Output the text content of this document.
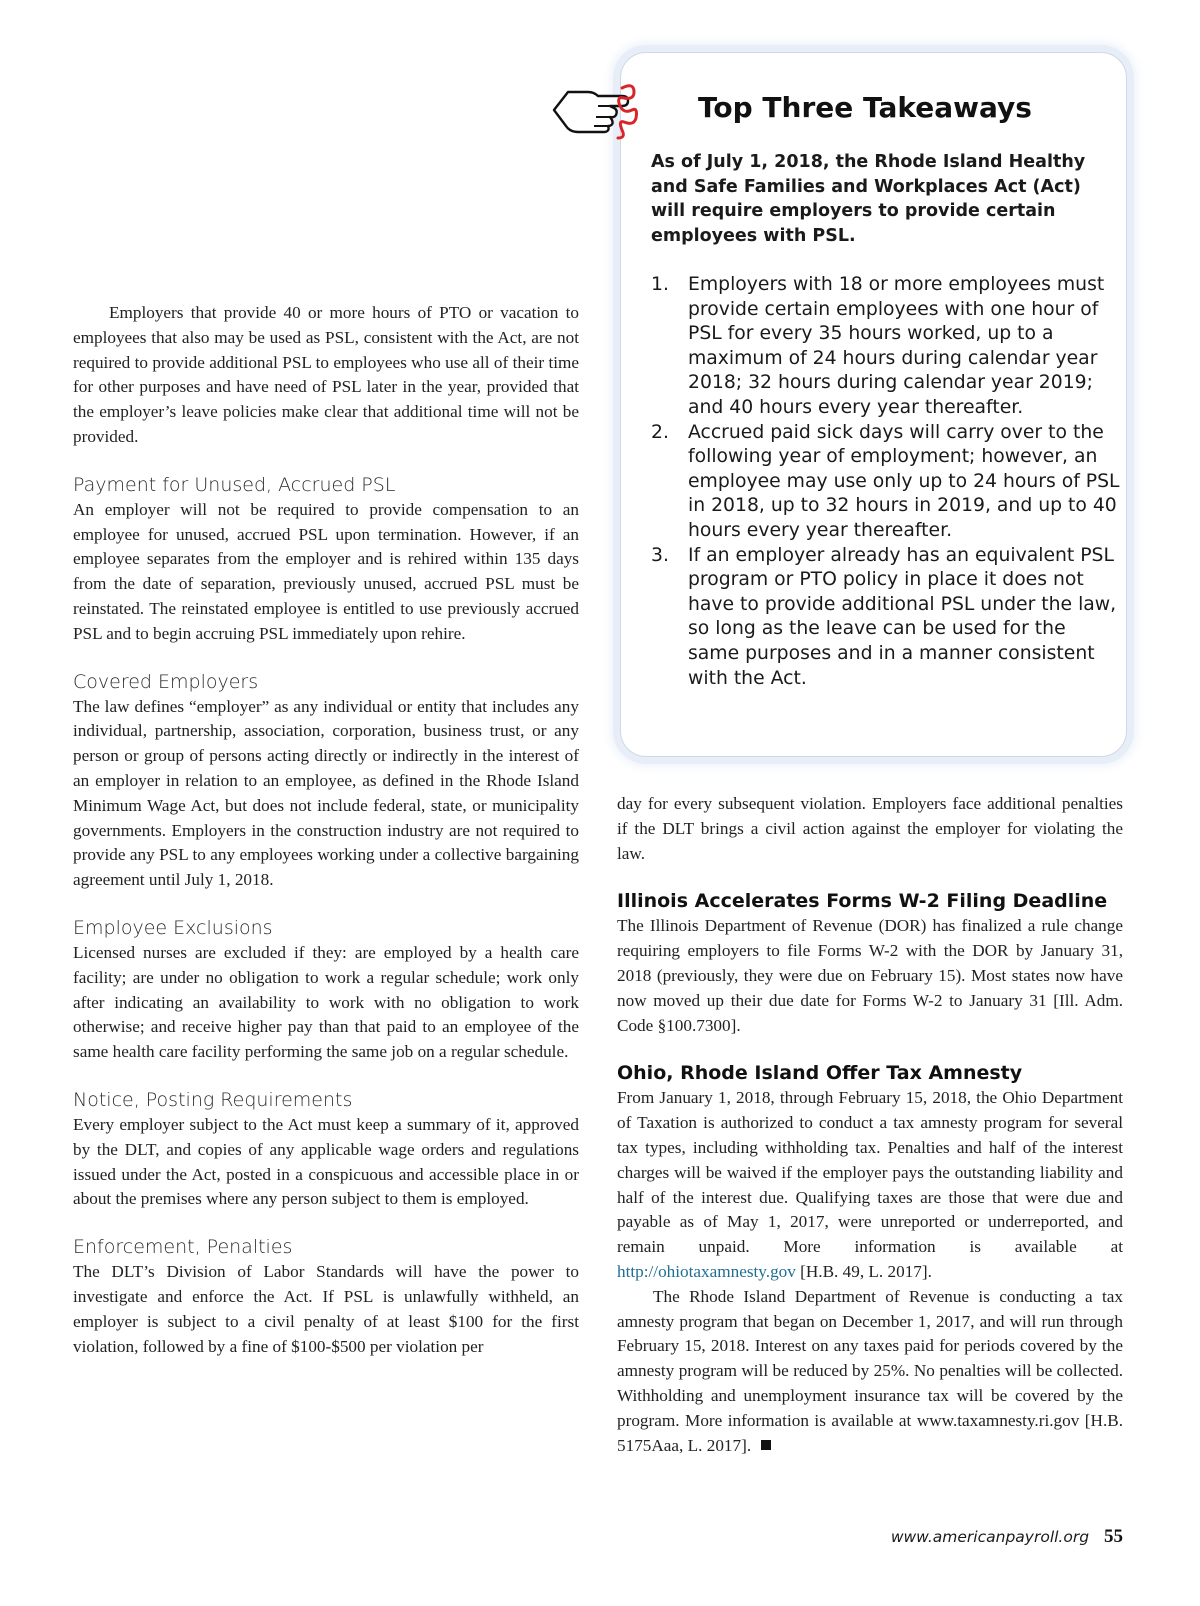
Top Three Takeaways
As of July 1, 2018, the Rhode Island Healthy and Safe Families and Workplaces Act (Act) will require employers to provide certain employees with PSL.
1. Employers with 18 or more employees must provide certain employees with one hour of PSL for every 35 hours worked, up to a maximum of 24 hours during calendar year 2018; 32 hours during calendar year 2019; and 40 hours every year thereafter.
2. Accrued paid sick days will carry over to the following year of employment; however, an employee may use only up to 24 hours of PSL in 2018, up to 32 hours in 2019, and up to 40 hours every year thereafter.
3. If an employer already has an equivalent PSL program or PTO policy in place it does not have to provide additional PSL under the law, so long as the leave can be used for the same purposes and in a manner consistent with the Act.

Employers that provide 40 or more hours of PTO or vacation to employees that also may be used as PSL, consistent with the Act, are not required to provide additional PSL to employees who use all of their time for other purposes and have need of PSL later in the year, provided that the employer’s leave policies make clear that additional time will not be provided.

Payment for Unused, Accrued PSL

An employer will not be required to provide compensation to an employee for unused, accrued PSL upon termination. However, if an employee separates from the employer and is rehired within 135 days from the date of separation, previously unused, accrued PSL must be reinstated. The reinstated employee is entitled to use previously accrued PSL and to begin accruing PSL immediately upon rehire.

Covered Employers

The law defines “employer” as any individual or entity that includes any individual, partnership, association, corporation, business trust, or any person or group of persons acting directly or indirectly in the interest of an employer in relation to an employee, as defined in the Rhode Island Minimum Wage Act, but does not include federal, state, or municipality governments. Employers in the construction industry are not required to provide any PSL to any employees working under a collective bargaining agreement until July 1, 2018.

Employee Exclusions

Licensed nurses are excluded if they: are employed by a health care facility; are under no obligation to work a regular schedule; work only after indicating an availability to work with no obligation to work otherwise; and receive higher pay than that paid to an employee of the same health care facility performing the same job on a regular schedule.

Notice, Posting Requirements

Every employer subject to the Act must keep a summary of it, approved by the DLT, and copies of any applicable wage orders and regulations issued under the Act, posted in a conspicuous and accessible place in or about the premises where any person subject to them is employed.

Enforcement, Penalties

The DLT’s Division of Labor Standards will have the power to investigate and enforce the Act. If PSL is unlawfully withheld, an employer is subject to a civil penalty of at least $100 for the first violation, followed by a fine of $100-$500 per violation per

day for every subsequent violation. Employers face additional penalties if the DLT brings a civil action against the employer for violating the law.

Illinois Accelerates Forms W-2 Filing Deadline

The Illinois Department of Revenue (DOR) has finalized a rule change requiring employers to file Forms W-2 with the DOR by January 31, 2018 (previously, they were due on February 15). Most states now have now moved up their due date for Forms W-2 to January 31 [Ill. Adm. Code §100.7300].

Ohio, Rhode Island Offer Tax Amnesty

From January 1, 2018, through February 15, 2018, the Ohio Department of Taxation is authorized to conduct a tax amnesty program for several tax types, including withholding tax. Penalties and half of the interest charges will be waived if the employer pays the outstanding liability and half of the interest due. Qualifying taxes are those that were due and payable as of May 1, 2017, were unreported or underreported, and remain unpaid. More information is available at http://ohiotaxamnesty.gov [H.B. 49, L. 2017].

The Rhode Island Department of Revenue is conducting a tax amnesty program that began on December 1, 2017, and will run through February 15, 2018. Interest on any taxes paid for periods covered by the amnesty program will be reduced by 25%. No penalties will be collected. Withholding and unemployment insurance tax will be covered by the program. More information is available at www.taxamnesty.ri.gov [H.B. 5175Aaa, L. 2017].

www.americanpayroll.org 55
